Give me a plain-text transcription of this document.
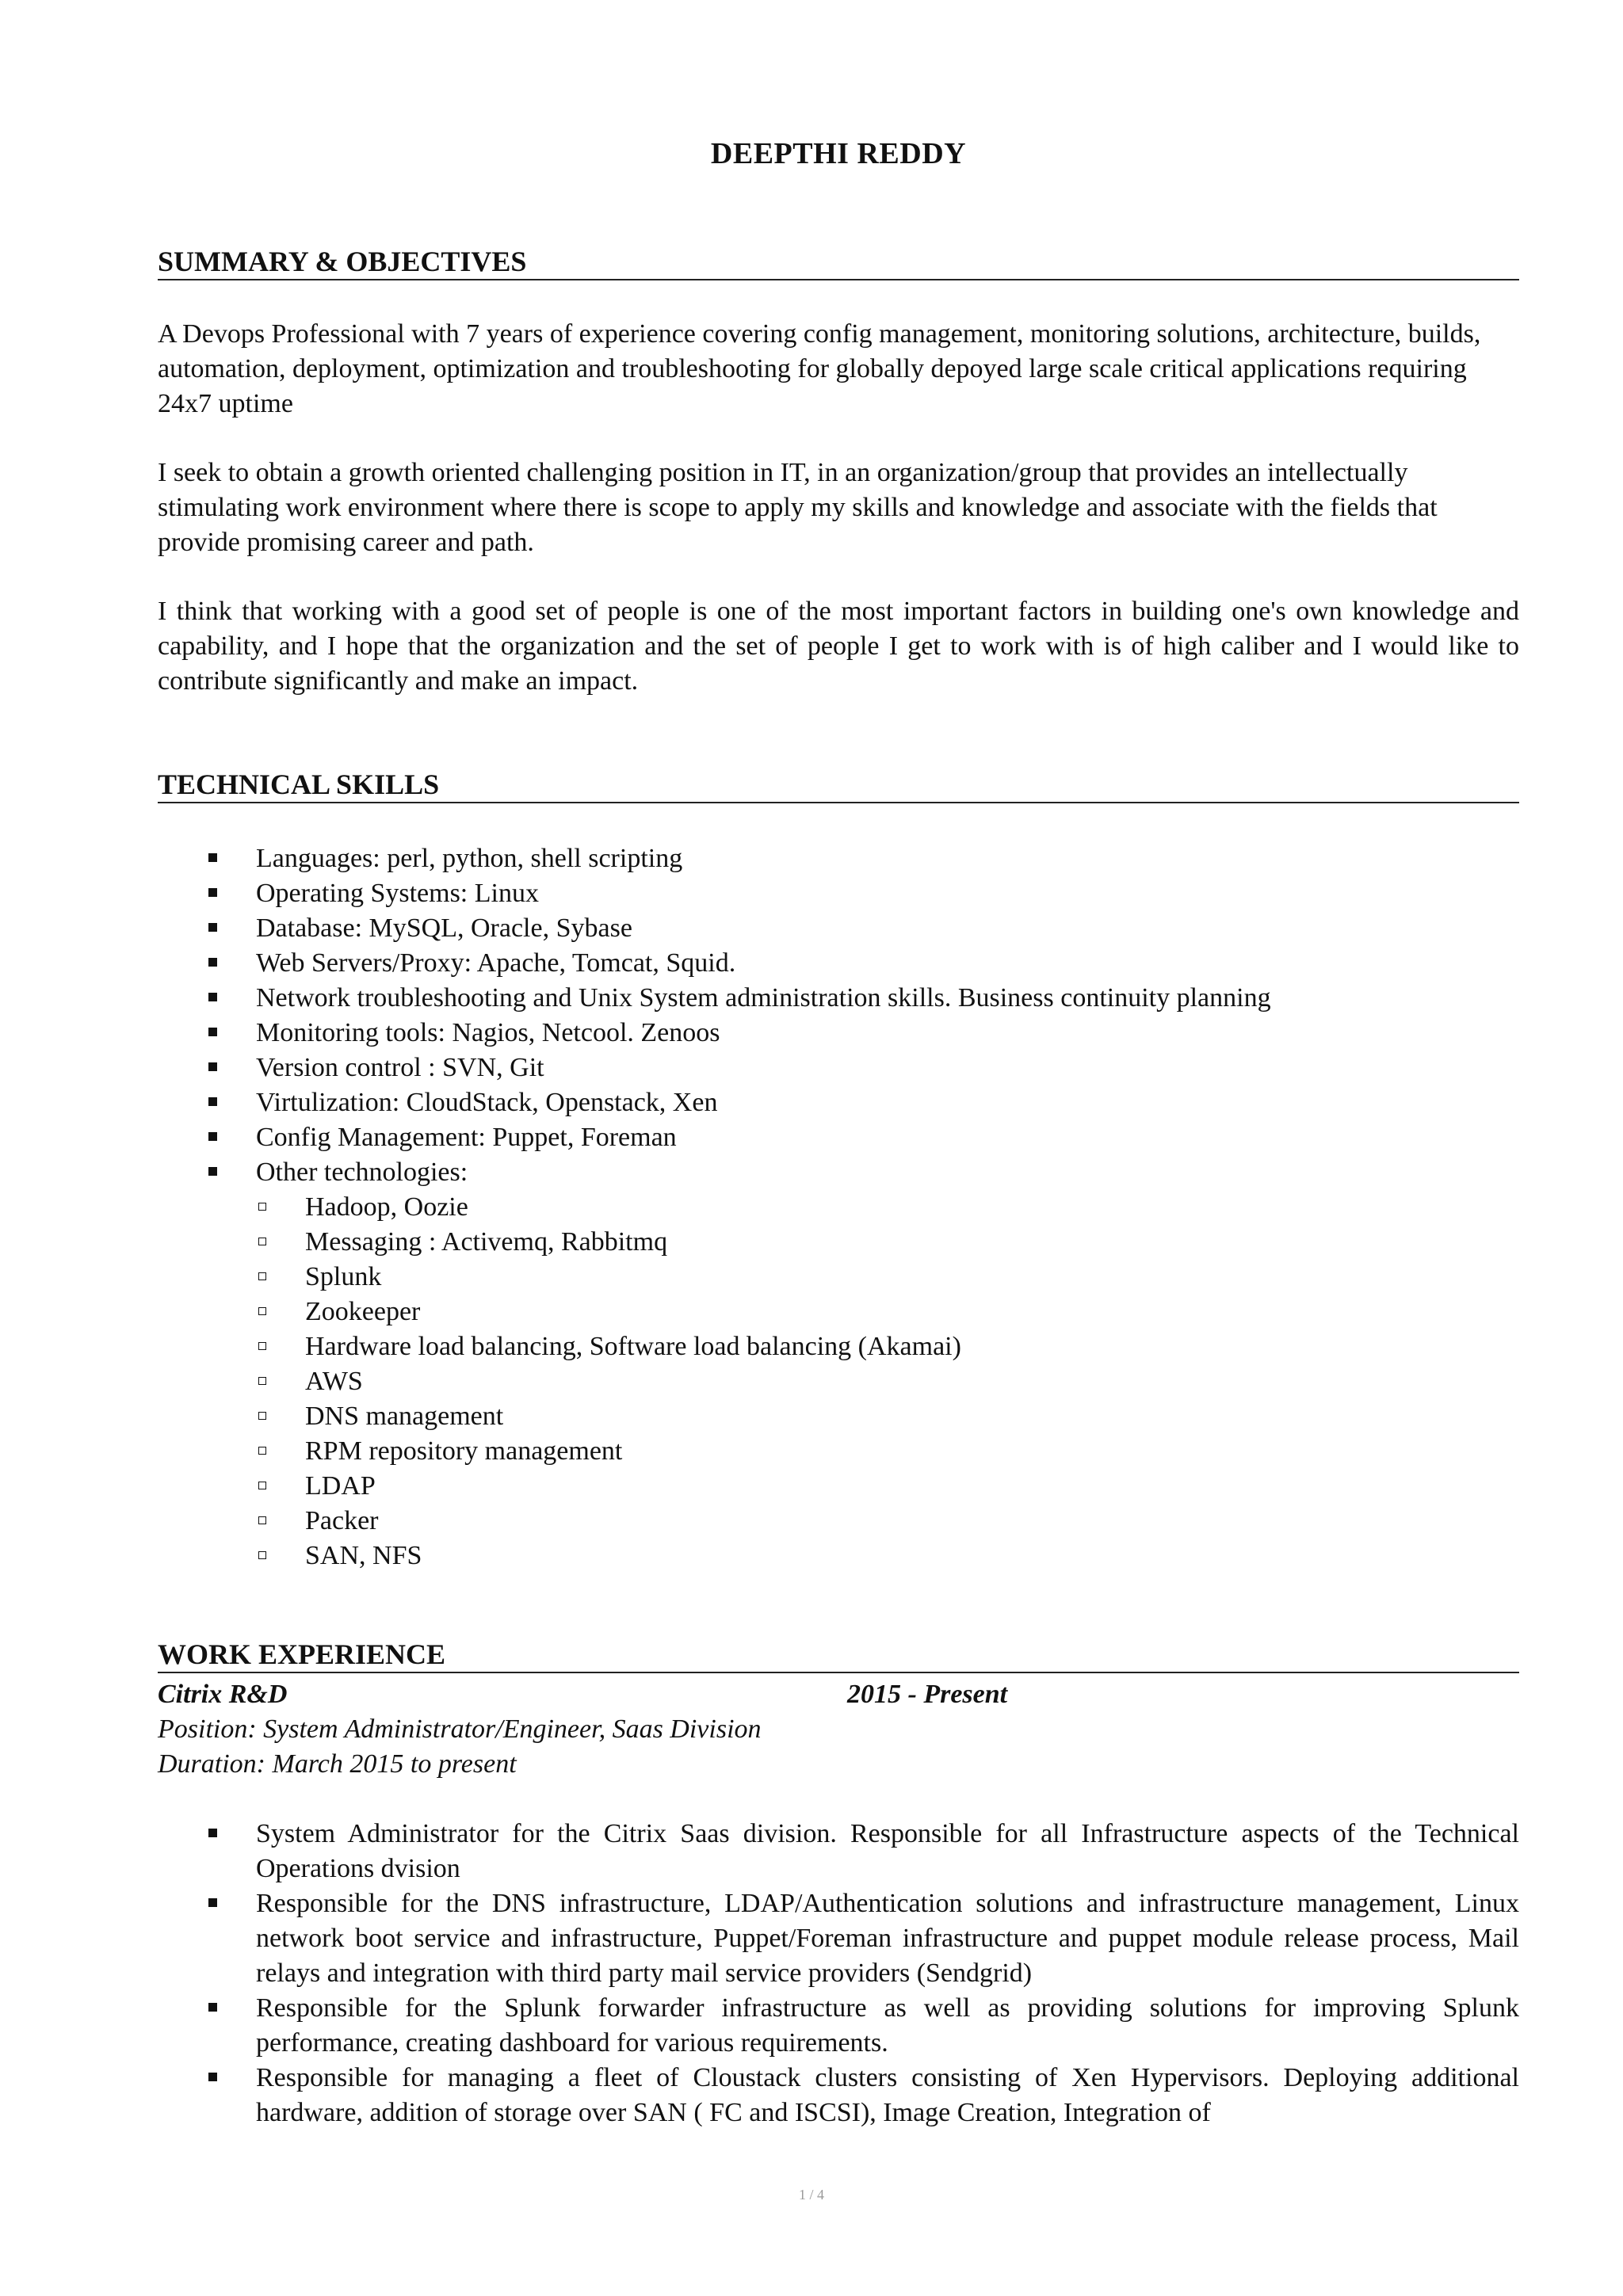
DEEPTHI REDDY
SUMMARY & OBJECTIVES

A Devops Professional with 7 years of experience covering config management, monitoring solutions, architecture, builds, automation, deployment, optimization and troubleshooting for globally depoyed large scale critical applications requiring 24x7 uptime

I seek to obtain a growth oriented challenging position in IT, in an organization/group that provides an intellectually stimulating work environment where there is scope to apply my skills and knowledge and associate with the fields that provide promising career and path.

I think that working with a good set of people is one of the most important factors in building one's own knowledge and capability, and I hope that the organization and the set of people I get to work with is of high caliber and I would like to contribute significantly and make an impact.

TECHNICAL SKILLS
Languages: perl, python, shell scripting
Operating Systems: Linux
Database: MySQL, Oracle, Sybase
Web Servers/Proxy: Apache, Tomcat, Squid.
Network troubleshooting and Unix System administration skills. Business continuity planning
Monitoring tools: Nagios, Netcool. Zenoos
Version control : SVN, Git
Virtulization: CloudStack, Openstack, Xen
Config Management: Puppet, Foreman
Other technologies:
Hadoop, Oozie
Messaging : Activemq, Rabbitmq
Splunk
Zookeeper
Hardware load balancing, Software load balancing (Akamai)
AWS
DNS management
RPM repository management
LDAP
Packer
SAN, NFS
WORK EXPERIENCE
Citrix R&D	2015 - Present
Position: System Administrator/Engineer, Saas Division
Duration: March 2015 to present
System Administrator for the Citrix Saas division. Responsible for all Infrastructure aspects of the Technical Operations dvision
Responsible for the DNS infrastructure, LDAP/Authentication solutions and infrastructure management, Linux network boot service and infrastructure, Puppet/Foreman infrastructure and puppet module release process, Mail relays and integration with third party mail service providers (Sendgrid)
Responsible for the Splunk forwarder infrastructure as well as providing solutions for improving Splunk performance, creating dashboard for various requirements.
Responsible for managing a fleet of Cloustack clusters consisting of Xen Hypervisors. Deploying additional hardware, addition of storage over SAN ( FC and ISCSI), Image Creation, Integration of
1 / 4
